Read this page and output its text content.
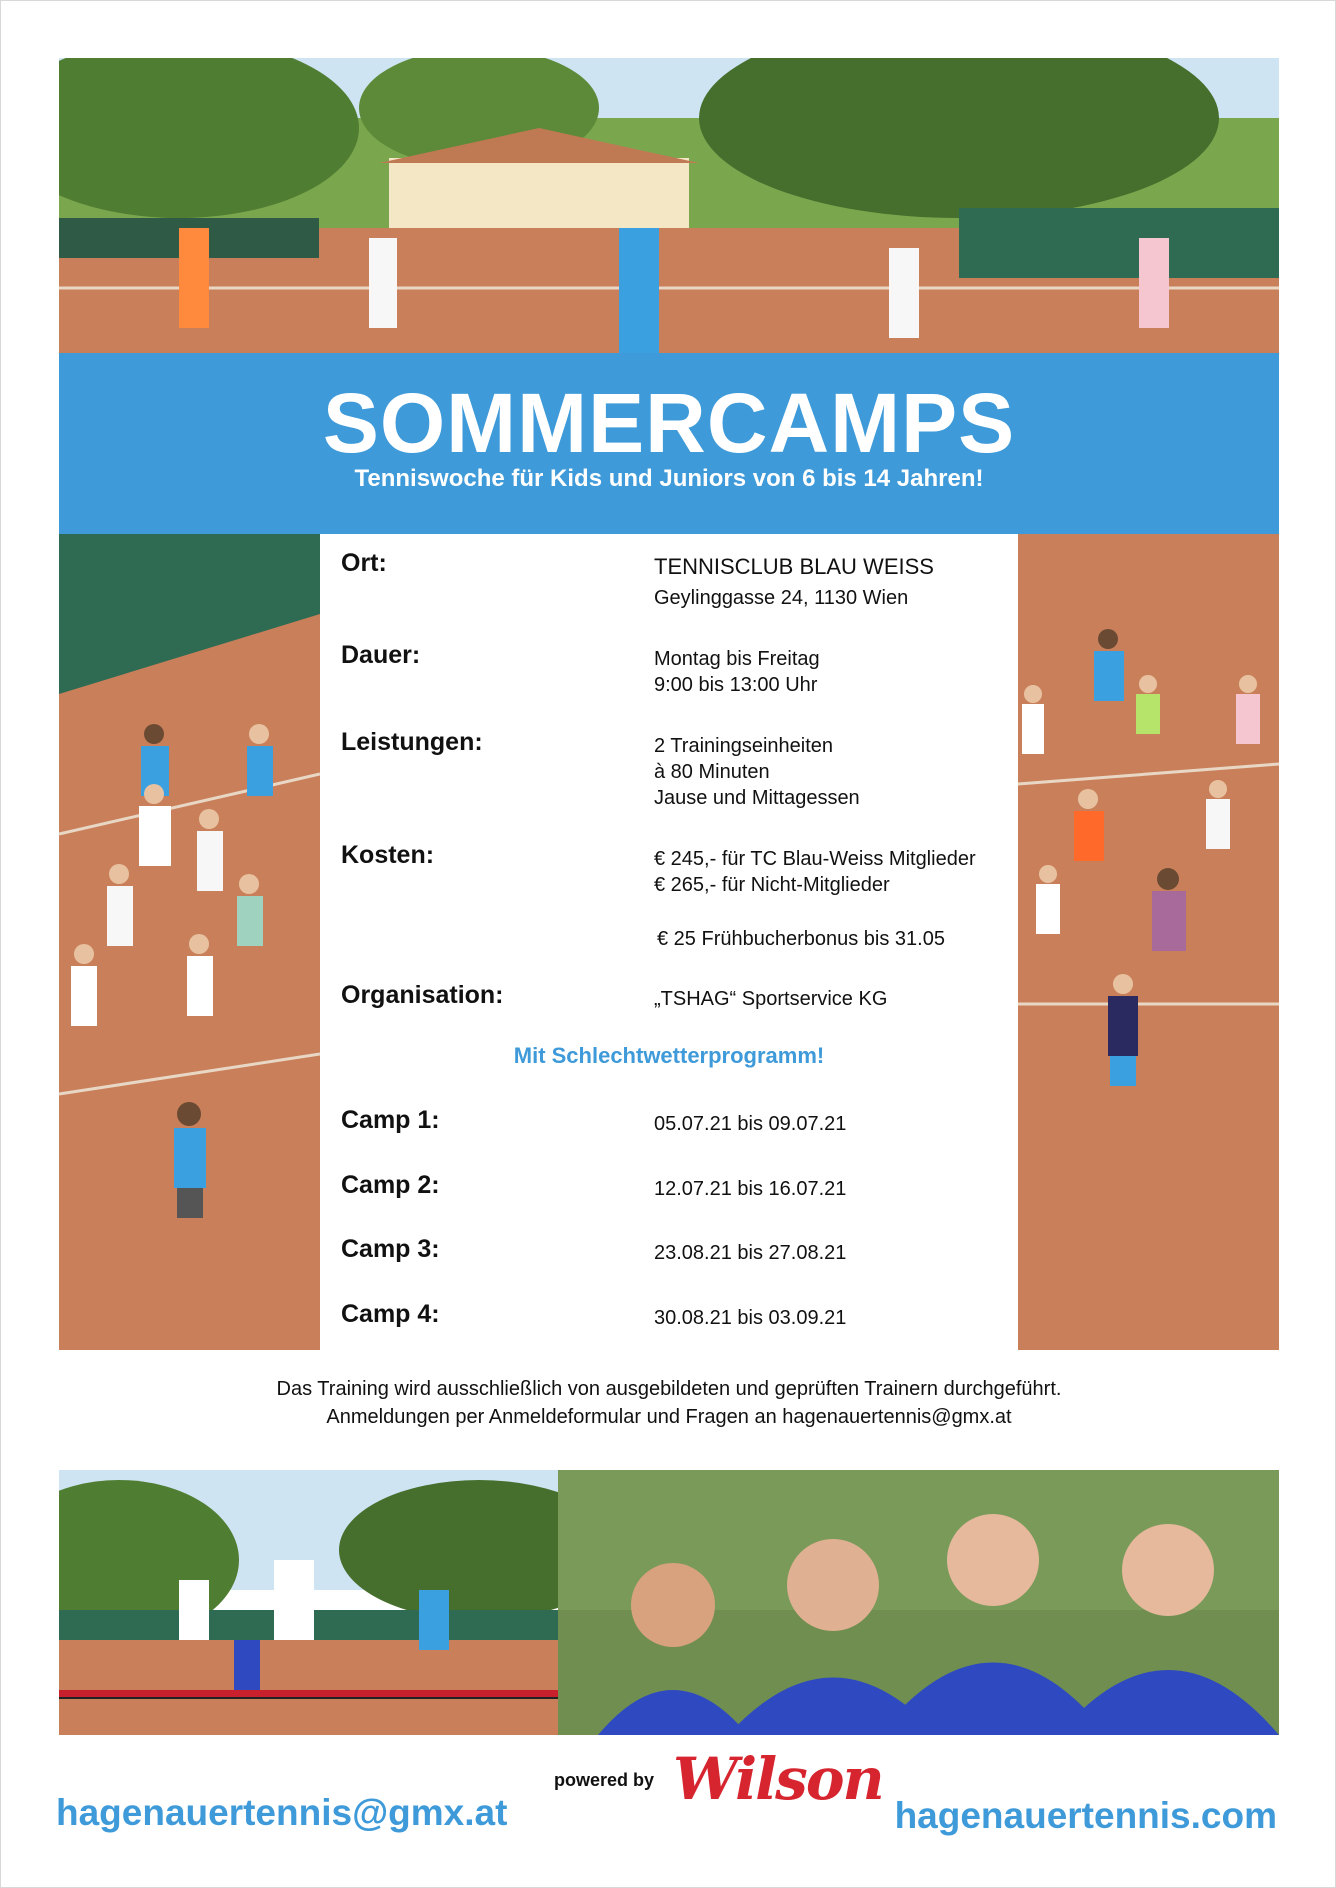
SOMMERCAMPS
Tenniswoche für Kids und Juniors von 6 bis 14 Jahren!
Ort:	TENNISCLUB BLAU WEISS
Geylinggasse 24, 1130 Wien
Dauer:	Montag bis Freitag
9:00 bis 13:00 Uhr
Leistungen:	2 Trainingseinheiten
à 80 Minuten
Jause und Mittagessen
Kosten:	€ 245,- für TC Blau-Weiss Mitglieder
€ 265,- für Nicht-Mitglieder
€ 25 Frühbucherbonus bis 31.05
Organisation:	„TSHAG“ Sportservice KG
Mit Schlechtwetterprogramm!
Camp 1:	05.07.21 bis 09.07.21
Camp 2:	12.07.21 bis 16.07.21
Camp 3:	23.08.21 bis 27.08.21
Camp 4:	30.08.21 bis 03.09.21
Das Training wird ausschließlich von ausgebildeten und geprüften Trainern durchgeführt.
Anmeldungen per Anmeldeformular und Fragen an hagenauertennis@gmx.at
hagenauertennis@gmx.at
powered by Wilson
hagenauertennis.com
